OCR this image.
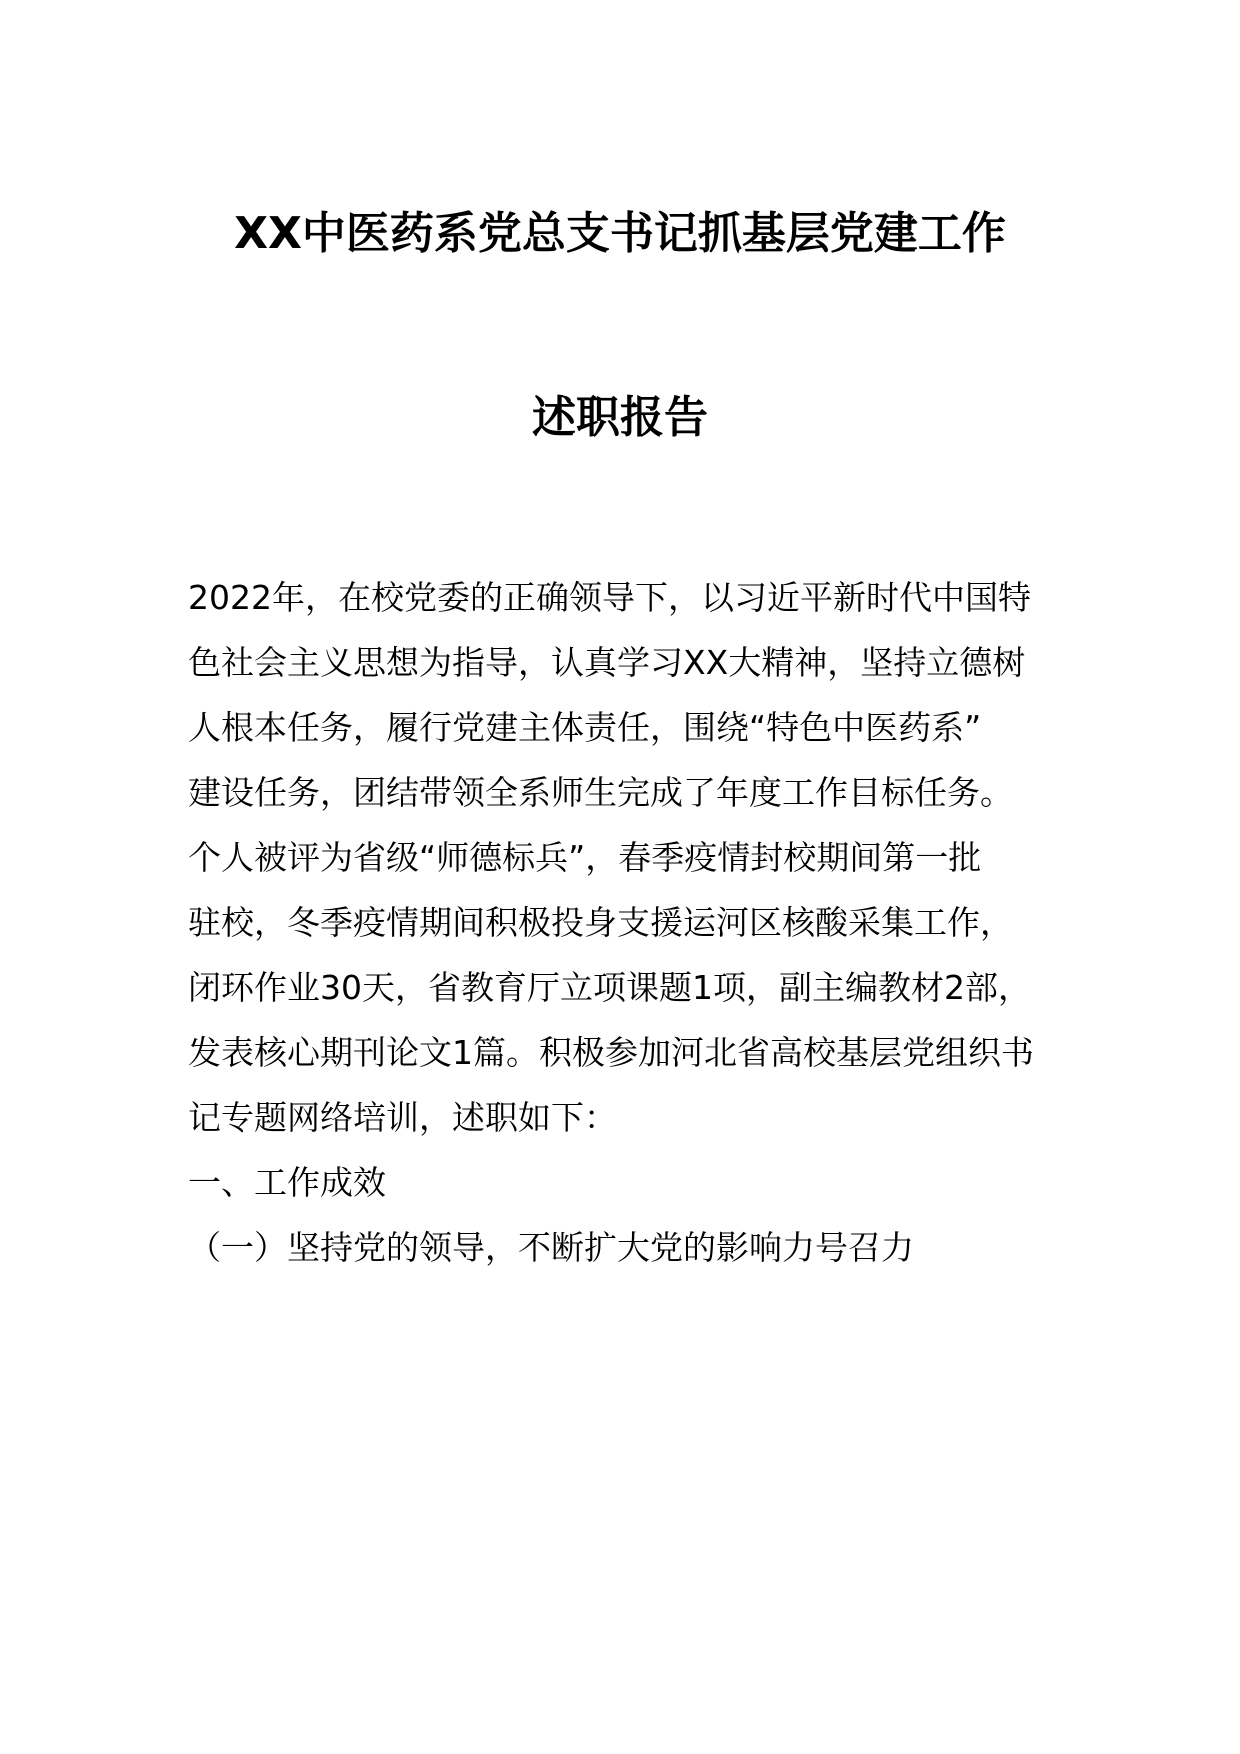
XX中医药系党总支书记抓基层党建工作
述职报告
2022年，在校党委的正确领导下，以习近平新时代中国特
色社会主义思想为指导，认真学习XX大精神，坚持立德树
人根本任务，履行党建主体责任，围绕“特色中医药系”
建设任务，团结带领全系师生完成了年度工作目标任务。
个人被评为省级“师德标兵”，春季疫情封校期间第一批
驻校，冬季疫情期间积极投身支援运河区核酸采集工作，
闭环作业30天，省教育厅立项课题1项，副主编教材2部，
发表核心期刊论文1篇。积极参加河北省高校基层党组织书
记专题网络培训，述职如下：
一、工作成效
（一）坚持党的领导，不断扩大党的影响力号召力
